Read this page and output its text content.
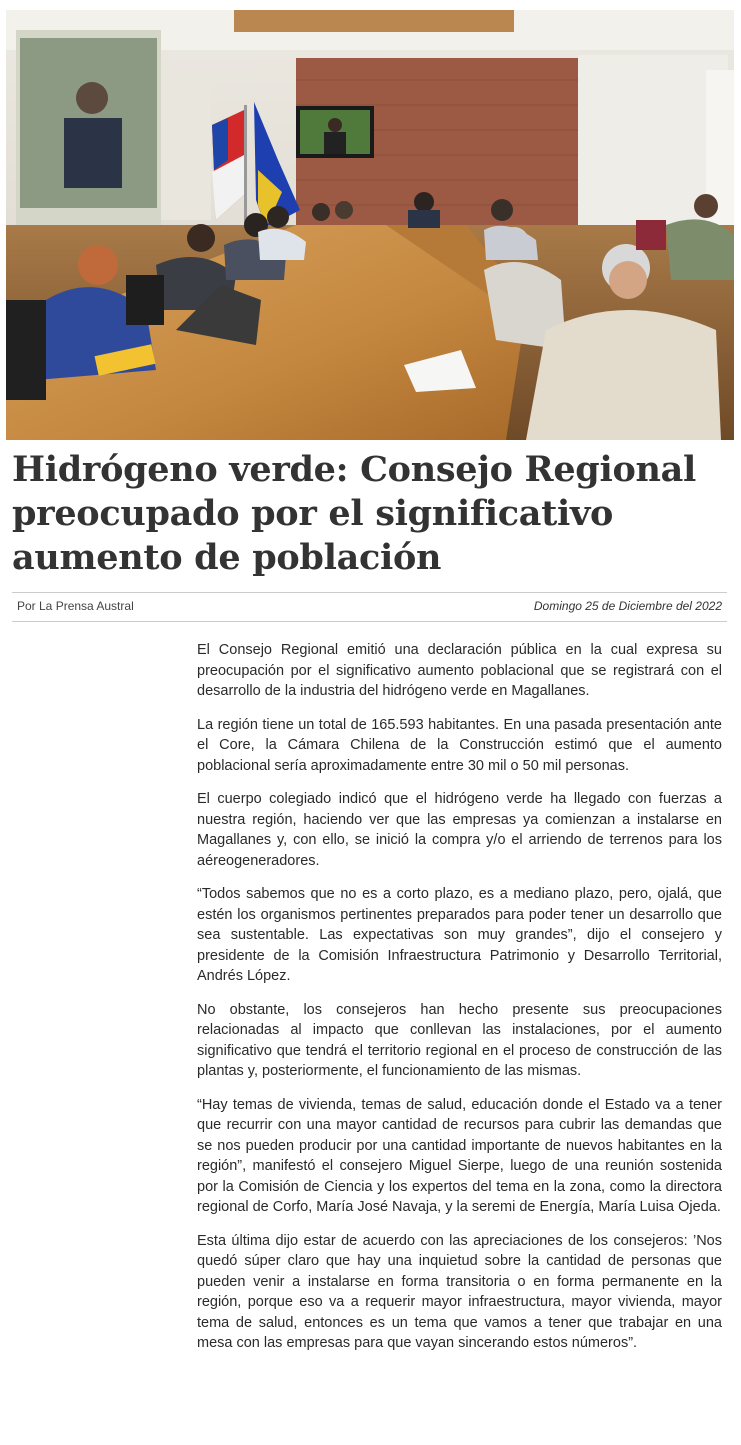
Hidrógeno verde: Consejo Regional preocupado por el significativo aumento de población
Por La Prensa Austral	Domingo 25 de Diciembre del 2022

El Consejo Regional emitió una declaración pública en la cual expresa su preocupación por el significativo aumento poblacional que se registrará con el desarrollo de la industria del hidrógeno verde en Magallanes.

La región tiene un total de 165.593 habitantes. En una pasada presentación ante el Core, la Cámara Chilena de la Construcción estimó que el aumento poblacional sería aproximadamente entre 30 mil o 50 mil personas.

El cuerpo colegiado indicó que el hidrógeno verde ha llegado con fuerzas a nuestra región, haciendo ver que las empresas ya comienzan a instalarse en Magallanes y, con ello, se inició la compra y/o el arriendo de terrenos para los aéreogeneradores.

“Todos sabemos que no es a corto plazo, es a mediano plazo, pero, ojalá, que estén los organismos pertinentes preparados para poder tener un desarrollo que sea sustentable. Las expectativas son muy grandes”, dijo el consejero y presidente de la Comisión Infraestructura Patrimonio y Desarrollo Territorial, Andrés López.

No obstante, los consejeros han hecho presente sus preocupaciones relacionadas al impacto que conllevan las instalaciones, por el aumento significativo que tendrá el territorio regional en el proceso de construcción de las plantas y, posteriormente, el funcionamiento de las mismas.

“Hay temas de vivienda, temas de salud, educación donde el Estado va a tener que recurrir con una mayor cantidad de recursos para cubrir las demandas que se nos pueden producir por una cantidad importante de nuevos habitantes en la región”, manifestó el consejero Miguel Sierpe, luego de una reunión sostenida por la Comisión de Ciencia y los expertos del tema en la zona, como la directora regional de Corfo, María José Navaja, y la seremi de Energía, María Luisa Ojeda.

Esta última dijo estar de acuerdo con las apreciaciones de los consejeros: ’Nos quedó súper claro que hay una inquietud sobre la cantidad de personas que pueden venir a instalarse en forma transitoria o en forma permanente en la región, porque eso va a requerir mayor infraestructura, mayor vivienda, mayor tema de salud, entonces es un tema que vamos a tener que trabajar en una mesa con las empresas para que vayan sincerando estos números”.
